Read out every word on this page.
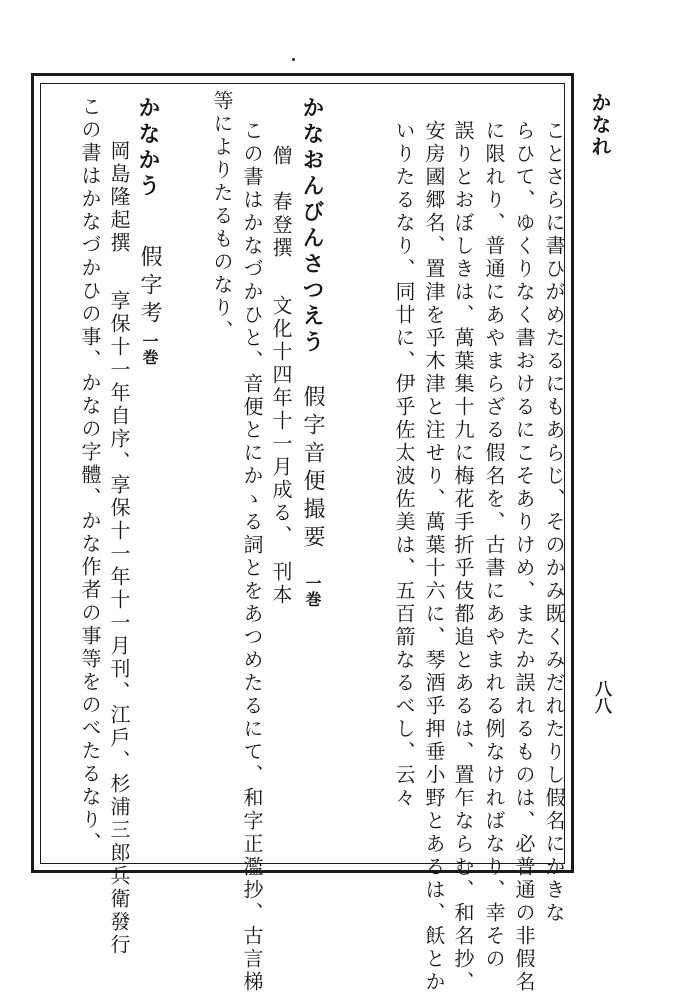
かなれ
八八
ことさらに書ひがめたるにもあらじ、そのかみ既くみだれたりし假名にかきな
らひて、ゆくりなく書おけるにこそありけめ、またか誤れるものは、必普通の非假名
に限れり、普通にあやまらざる假名を、古書にあやまれる例なければなり、幸その
誤りとおぼしきは、萬葉集十九に梅花手折乎伎都追とあるは、置乍ならむ、和名抄、
安房國郷名、置津を乎木津と注せり、萬葉十六に、琴酒乎押垂小野とあるは、飫とか
いりたるなり、同廿に、伊乎佐太波佐美は、五百箭なるべし、云々
かなおんびんさつえう
假字音便撮要
一巻
僧　春登撰
文化十四年十一月成る、　刊本
この書はかなづかひと、音便とにかゝる詞とをあつめたるにて、和字正濫抄、古言梯
等によりたるものなり、
かなかう
假字考
一巻
岡島隆起撰
享保十一年自序、享保十一年十一月刊、江戶、杉浦三郎兵衛發行
この書はかなづかひの事、かなの字體、かな作者の事等をのべたるなり、
